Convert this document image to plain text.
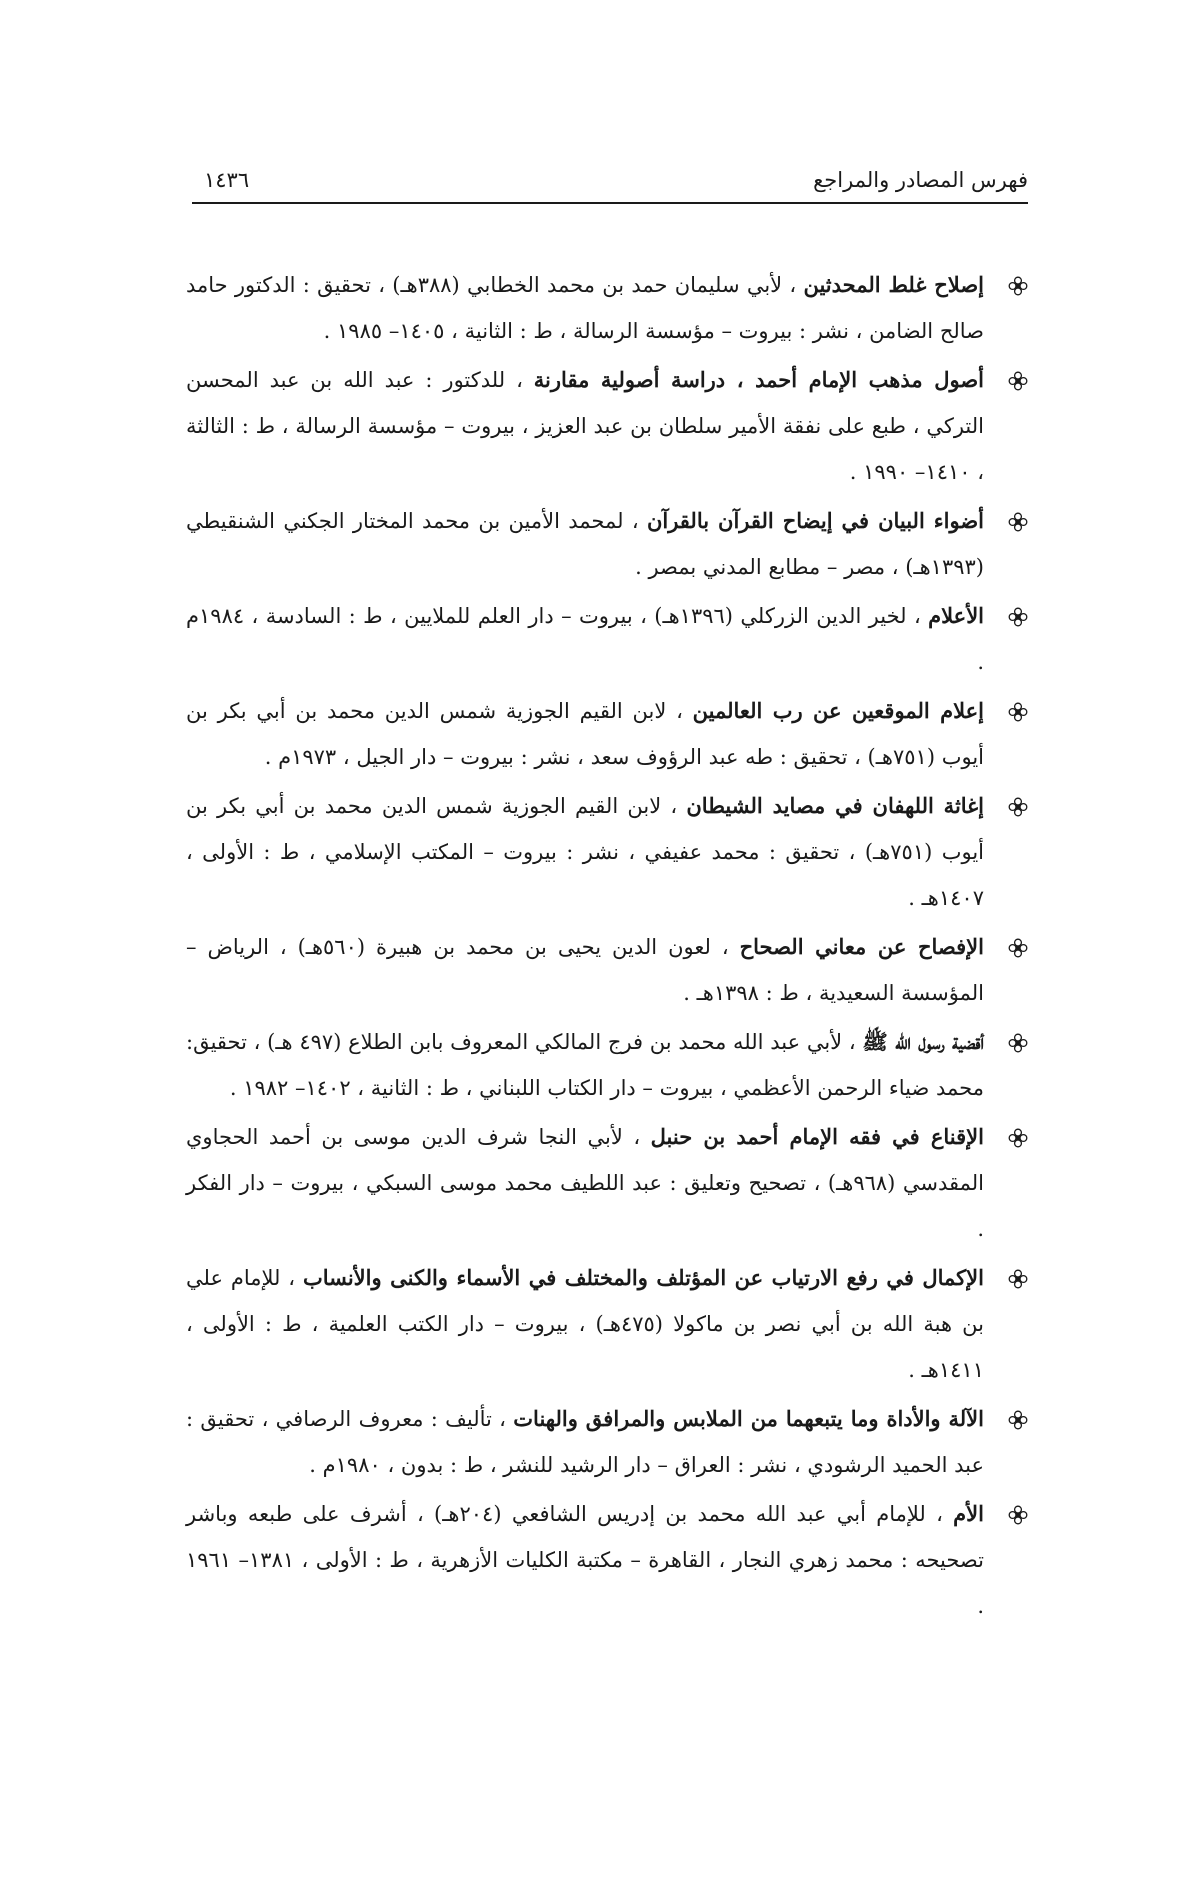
فهرس المصادر والمراجع
١٤٣٦
إصلاح غلط المحدثين ، لأبي سليمان حمد بن محمد الخطابي (٣٨٨هـ) ، تحقيق : الدكتور حامد صالح الضامن ، نشر : بيروت – مؤسسة الرسالة ، ط : الثانية ، ١٤٠٥– ١٩٨٥ .
أصول مذهب الإمام أحمد ، دراسة أصولية مقارنة ، للدكتور : عبد الله بن عبد المحسن التركي ، طبع على نفقة الأمير سلطان بن عبد العزيز ، بيروت – مؤسسة الرسالة ، ط : الثالثة ، ١٤١٠– ١٩٩٠ .
أضواء البيان في إيضاح القرآن بالقرآن ، لمحمد الأمين بن محمد المختار الجكني الشنقيطي (١٣٩٣هـ) ، مصر – مطابع المدني بمصر .
الأعلام ، لخير الدين الزركلي (١٣٩٦هـ) ، بيروت – دار العلم للملايين ، ط : السادسة ، ١٩٨٤م .
إعلام الموقعين عن رب العالمين ، لابن القيم الجوزية شمس الدين محمد بن أبي بكر بن أيوب (٧٥١هـ) ، تحقيق : طه عبد الرؤوف سعد ، نشر : بيروت – دار الجيل ، ١٩٧٣م .
إغاثة اللهفان في مصايد الشيطان ، لابن القيم الجوزية شمس الدين محمد بن أبي بكر بن أيوب (٧٥١هـ) ، تحقيق : محمد عفيفي ، نشر : بيروت – المكتب الإسلامي ، ط : الأولى ، ١٤٠٧هـ .
الإفصاح عن معاني الصحاح ، لعون الدين يحيى بن محمد بن هبيرة (٥٦٠هـ) ، الرياض – المؤسسة السعيدية ، ط : ١٣٩٨هـ .
أقضية رسول الله ﷺ ، لأبي عبد الله محمد بن فرج المالكي المعروف بابن الطلاع (٤٩٧ هـ) ، تحقيق: محمد ضياء الرحمن الأعظمي ، بيروت – دار الكتاب اللبناني ، ط : الثانية ، ١٤٠٢– ١٩٨٢ .
الإقناع في فقه الإمام أحمد بن حنبل ، لأبي النجا شرف الدين موسى بن أحمد الحجاوي المقدسي (٩٦٨هـ) ، تصحيح وتعليق : عبد اللطيف محمد موسى السبكي ، بيروت – دار الفكر .
الإكمال في رفع الارتياب عن المؤتلف والمختلف في الأسماء والكنى والأنساب ، للإمام علي بن هبة الله بن أبي نصر بن ماكولا (٤٧٥هـ) ، بيروت – دار الكتب العلمية ، ط : الأولى ، ١٤١١هـ .
الآلة والأداة وما يتبعهما من الملابس والمرافق والهنات ، تأليف : معروف الرصافي ، تحقيق : عبد الحميد الرشودي ، نشر : العراق – دار الرشيد للنشر ، ط : بدون ، ١٩٨٠م .
الأم ، للإمام أبي عبد الله محمد بن إدريس الشافعي (٢٠٤هـ) ، أشرف على طبعه وباشر تصحيحه : محمد زهري النجار ، القاهرة – مكتبة الكليات الأزهرية ، ط : الأولى ، ١٣٨١– ١٩٦١ .
